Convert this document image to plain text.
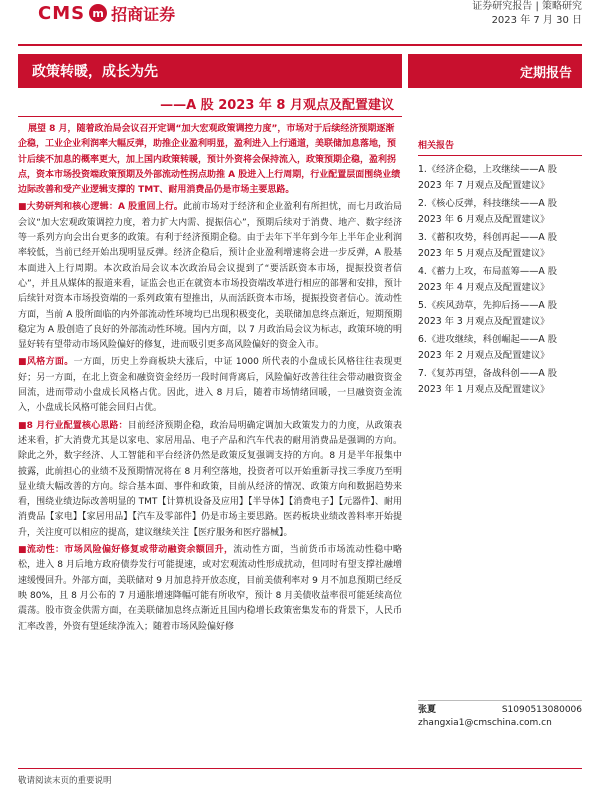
CMS m 招商证券	证券研究报告 | 策略研究
2023 年 7 月 30 日
政策转暖，成长为先	定期报告
——A 股 2023 年 8 月观点及配置建议

展望 8 月，随着政治局会议召开定调“加大宏观政策调控力度”，市场对于后续经济预期逐渐企稳，工业企业利润率大幅反弹，助推企业盈利明显，盈利进入上行通道，美联储加息落地，预计后续不加息的概率更大，加上国内政策转暖，预计外资将会保持流入，政策预期企稳，盈利拐点，资本市场投资端政策预期及外部流动性拐点助推 A 股进入上行周期，行业配置层面围绕业绩边际改善和受产业逻辑支撑的 TMT、耐用消费品仍是市场主要思路。

■大势研判和核心逻辑：A 股重回上行。此前市场对于经济和企业盈利有所担忧，而七月政治局会议“加大宏观政策调控力度，着力扩大内需、提振信心”，预期后续对于消费、地产、数字经济等一系列方向会出台更多的政策。有利于经济预期企稳。由于去年下半年到今年上半年企业利润率较低，当前已经开始出现明显反弹。经济企稳后，预计企业盈利增速将会进一步反弹，A 股基本面进入上行周期。本次政治局会议本次政治局会议提到了“要活跃资本市场，提振投资者信心”，并且从媒体的报道来看，证监会也正在就资本市场投资端改革进行相应的部署和安排，预计后续针对资本市场投资端的一系列政策有望推出，从而活跃资本市场，提振投资者信心。流动性方面，当前 A 股所面临的内外部流动性环境均已出现积极变化，美联储加息终点渐近，短期预期稳定为 A 股创造了良好的外部流动性环境。国内方面，以 7 月政治局会议为标志，政策环境的明显好转有望带动市场风险偏好的修复，进而吸引更多高风险偏好的资金入市。

■风格方面。一方面，历史上券商板块大涨后，中证 1000 所代表的小盘成长风格往往表现更好；另一方面，在北上资金和融资资金经历一段时间背离后，风险偏好改善往往会带动融资资金回流，进而带动小盘成长风格占优。因此，进入 8 月后，随着市场情绪回暖，一旦融资资金流入，小盘成长风格可能会回归占优。

■8 月行业配置核心思路：目前经济预期企稳，政治局明确定调加大政策发力的力度，从政策表述来看，扩大消费尤其是以家电、家居用品、电子产品和汽车代表的耐用消费品是强调的方向。除此之外，数字经济、人工智能和平台经济仍然是政策反复强调支持的方向。8 月是半年报集中披露，此前担心的业绩不及预期情况将在 8 月利空落地，投资者可以开始重新寻找三季度乃至明显业绩大幅改善的方向。综合基本面、事件和政策，目前从经济的情况、政策方向和数据趋势来看，围绕业绩边际改善明显的 TMT【计算机设备及应用】【半导体】【消费电子】【元器件】、耐用消费品【家电】【家居用品】【汽车及零部件】仍是市场主要思路。医药板块业绩改善料率开始提升，关注度可以相应的提高，建议继续关注【医疗服务和医疗器械】。

■流动性：市场风险偏好修复或带动融资余额回升，流动性方面，当前货币市场流动性稳中略松，进入 8 月后地方政府债券发行可能提速，或对宏观流动性形成扰动，但同时有望支撑社融增速缓慢回升。外部方面，美联储对 9 月加息持开放态度，目前美债利率对 9 月不加息预期已经反映 80%，且 8 月公布的 7 月通胀增速降幅可能有所收窄，预计 8 月美债收益率很可能延续高位震荡。股市资金供需方面，在美联储加息终点渐近且国内稳增长政策密集发布的背景下，人民币汇率改善，外资有望延续净流入；随着市场风险偏好修

相关报告
1.《经济企稳，上攻继续——A 股 2023 年 7 月观点及配置建议》
2.《核心反弹，科技继续——A 股 2023 年 6 月观点及配置建议》
3.《蓄积攻势，科创再起——A 股 2023 年 5 月观点及配置建议》
4.《蓄力上攻，布局蓝筹——A 股 2023 年 4 月观点及配置建议》
5.《疾风劲草，先抑后扬——A 股 2023 年 3 月观点及配置建议》
6.《进攻继续，科创崛起——A 股 2023 年 2 月观点及配置建议》
7.《复苏再望，备战科创——A 股 2023 年 1 月观点及配置建议》
张夏	S1090513080006
zhangxia1@cmschina.com.cn
敬请阅读末页的重要说明
